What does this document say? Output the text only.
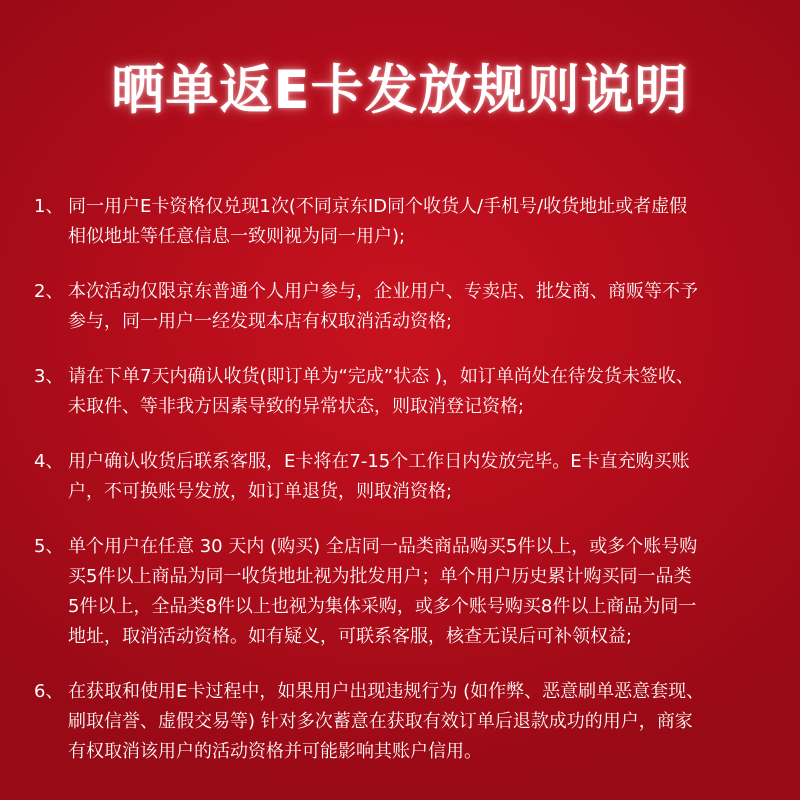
晒单返E卡发放规则说明
1、 同一用户E卡资格仅兑现1次(不同京东ID同个收货人/手机号/收货地址或者虚假
相似地址等任意信息一致则视为同一用户);
2、 本次活动仅限京东普通个人用户参与，企业用户、专卖店、批发商、商贩等不予
参与，同一用户一经发现本店有权取消活动资格;
3、 请在下单7天内确认收货(即订单为“完成”状态 )，如订单尚处在待发货未签收、
未取件、等非我方因素导致的异常状态，则取消登记资格;
4、 用户确认收货后联系客服，E卡将在7-15个工作日内发放完毕。E卡直充购买账
户，不可换账号发放，如订单退货，则取消资格;
5、 单个用户在任意 30 天内 (购买) 全店同一品类商品购买5件以上，或多个账号购
买5件以上商品为同一收货地址视为批发用户；单个用户历史累计购买同一品类
5件以上，全品类8件以上也视为集体采购，或多个账号购买8件以上商品为同一
地址，取消活动资格。如有疑义，可联系客服，核查无误后可补领权益;
6、 在获取和使用E卡过程中，如果用户出现违规行为 (如作弊、恶意刷单恶意套现、
刷取信誉、虚假交易等) 针对多次蓄意在获取有效订单后退款成功的用户，商家
有权取消该用户的活动资格并可能影响其账户信用。
